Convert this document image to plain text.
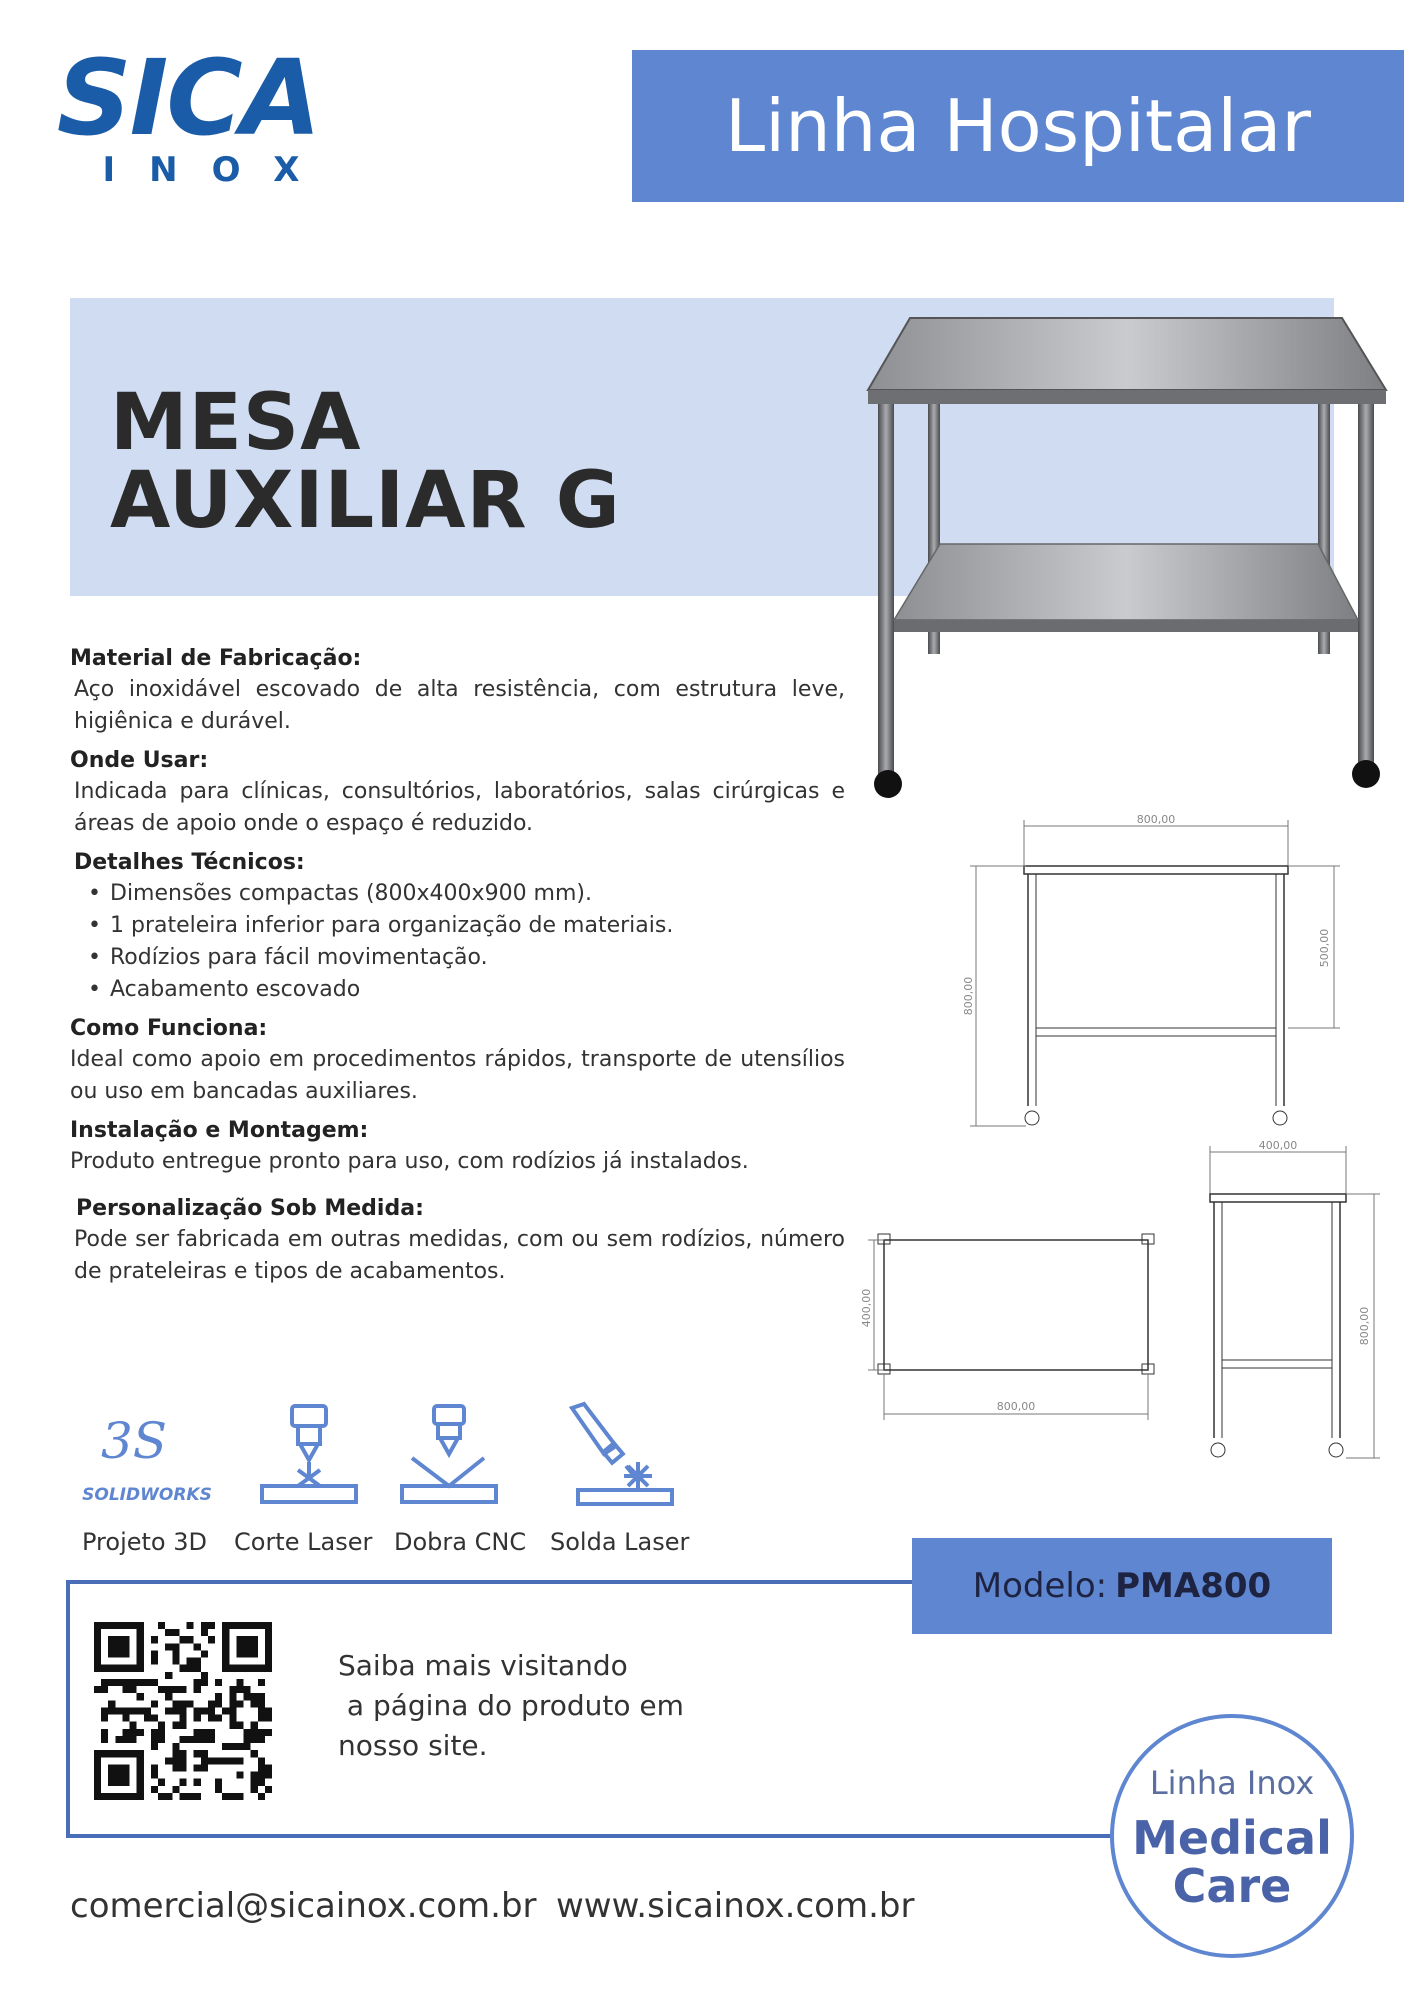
SICA
INOX
Linha Hospitalar
MESA
AUXILIAR G
Material de Fabricação:
Aço inoxidável escovado de alta resistência, com estrutura leve, higiênica e durável.
Onde Usar:
Indicada para clínicas, consultórios, laboratórios, salas cirúrgicas e áreas de apoio onde o espaço é reduzido.
Detalhes Técnicos:
• Dimensões compactas (800x400x900 mm).
• 1 prateleira inferior para organização de materiais.
• Rodízios para fácil movimentação.
• Acabamento escovado
Como Funciona:
Ideal como apoio em procedimentos rápidos, transporte de utensílios ou uso em bancadas auxiliares.
Instalação e Montagem:
Produto entregue pronto para uso, com rodízios já instalados.
Personalização Sob Medida:
Pode ser fabricada em outras medidas, com ou sem rodízios, número de prateleiras e tipos de acabamentos.
800,00
800,00
500,00
400,00
800,00
400,00
800,00
3S
SOLIDWORKS
Projeto 3D Corte Laser Dobra CNC Solda Laser
Modelo: PMA800
Saiba mais visitando
a página do produto em
nosso site.
Linha Inox
Medical
Care
comercial@sicainox.com.br www.sicainox.com.br
